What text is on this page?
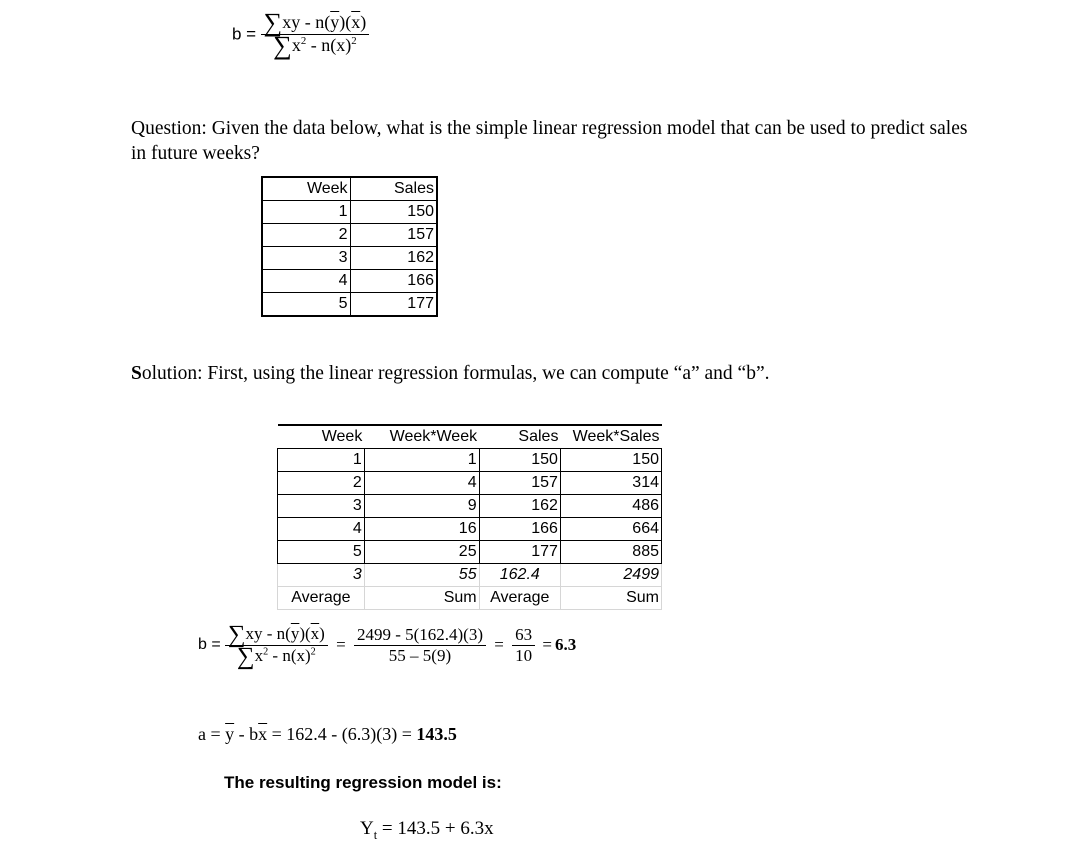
$b = \frac{\sum xy - n(\overline{y})(\overline{x})}{\sum x^2 - n(\overline{x})^2}$
Question: Given the data below, what is the simple linear regression model that can be used to predict sales in future weeks?
Week	Sales
1	150
2	157
3	162
4	166
5	177
Solution: First, using the linear regression formulas, we can compute “a” and “b”.
Week	Week*Week	Sales	Week*Sales
1	1	150	150
2	4	157	314
3	9	162	486
4	16	166	664
5	25	177	885
3	55	162.4	2499
Average	Sum	Average	Sum
$b = \frac{\sum xy - n(\overline{y})(\overline{x})}{\sum x^2 - n(\overline{x})^2} = \frac{2499 - 5(162.4)(3)}{55 - 5(9)} = \frac{63}{10} = 6.3$
$a = \overline{y} - b\overline{x} = 162.4 - (6.3)(3) = 143.5$
The resulting regression model is:
$Y_t = 143.5 + 6.3x$
